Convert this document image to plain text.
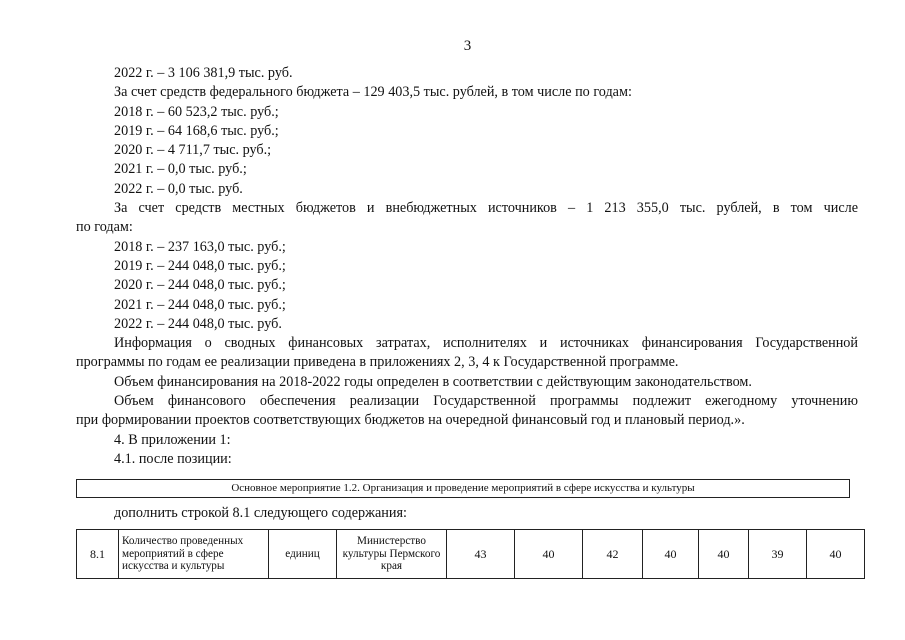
3
2022 г. – 3 106 381,9 тыс. руб.
За счет средств федерального бюджета – 129 403,5 тыс. рублей, в том числе по годам:
2018 г. – 60 523,2 тыс. руб.;
2019 г. – 64 168,6 тыс. руб.;
2020 г. – 4 711,7 тыс. руб.;
2021 г. – 0,0 тыс. руб.;
2022 г. – 0,0 тыс. руб.
За счет средств местных бюджетов и внебюджетных источников – 1 213 355,0 тыс. рублей, в том числе
по годам:
2018 г. – 237 163,0 тыс. руб.;
2019 г. – 244 048,0 тыс. руб.;
2020 г. – 244 048,0 тыс. руб.;
2021 г. – 244 048,0 тыс. руб.;
2022 г. – 244 048,0 тыс. руб.
Информация о сводных финансовых затратах, исполнителях и источниках финансирования Государственной
программы по годам ее реализации приведена в приложениях 2, 3, 4 к Государственной программе.
Объем финансирования на 2018-2022 годы определен в соответствии с действующим законодательством.
Объем финансового обеспечения реализации Государственной программы подлежит ежегодному уточнению
при формировании проектов соответствующих бюджетов на очередной финансовый год и плановый период.».
4. В приложении 1:
4.1. после позиции:
Основное мероприятие 1.2. Организация и проведение мероприятий в сфере искусства и культуры
дополнить строкой 8.1 следующего содержания:
8.1	Количество проведенных мероприятий в сфере искусства и культуры	единиц	Министерство культуры Пермского края	43	40	42	40	40	39	40
